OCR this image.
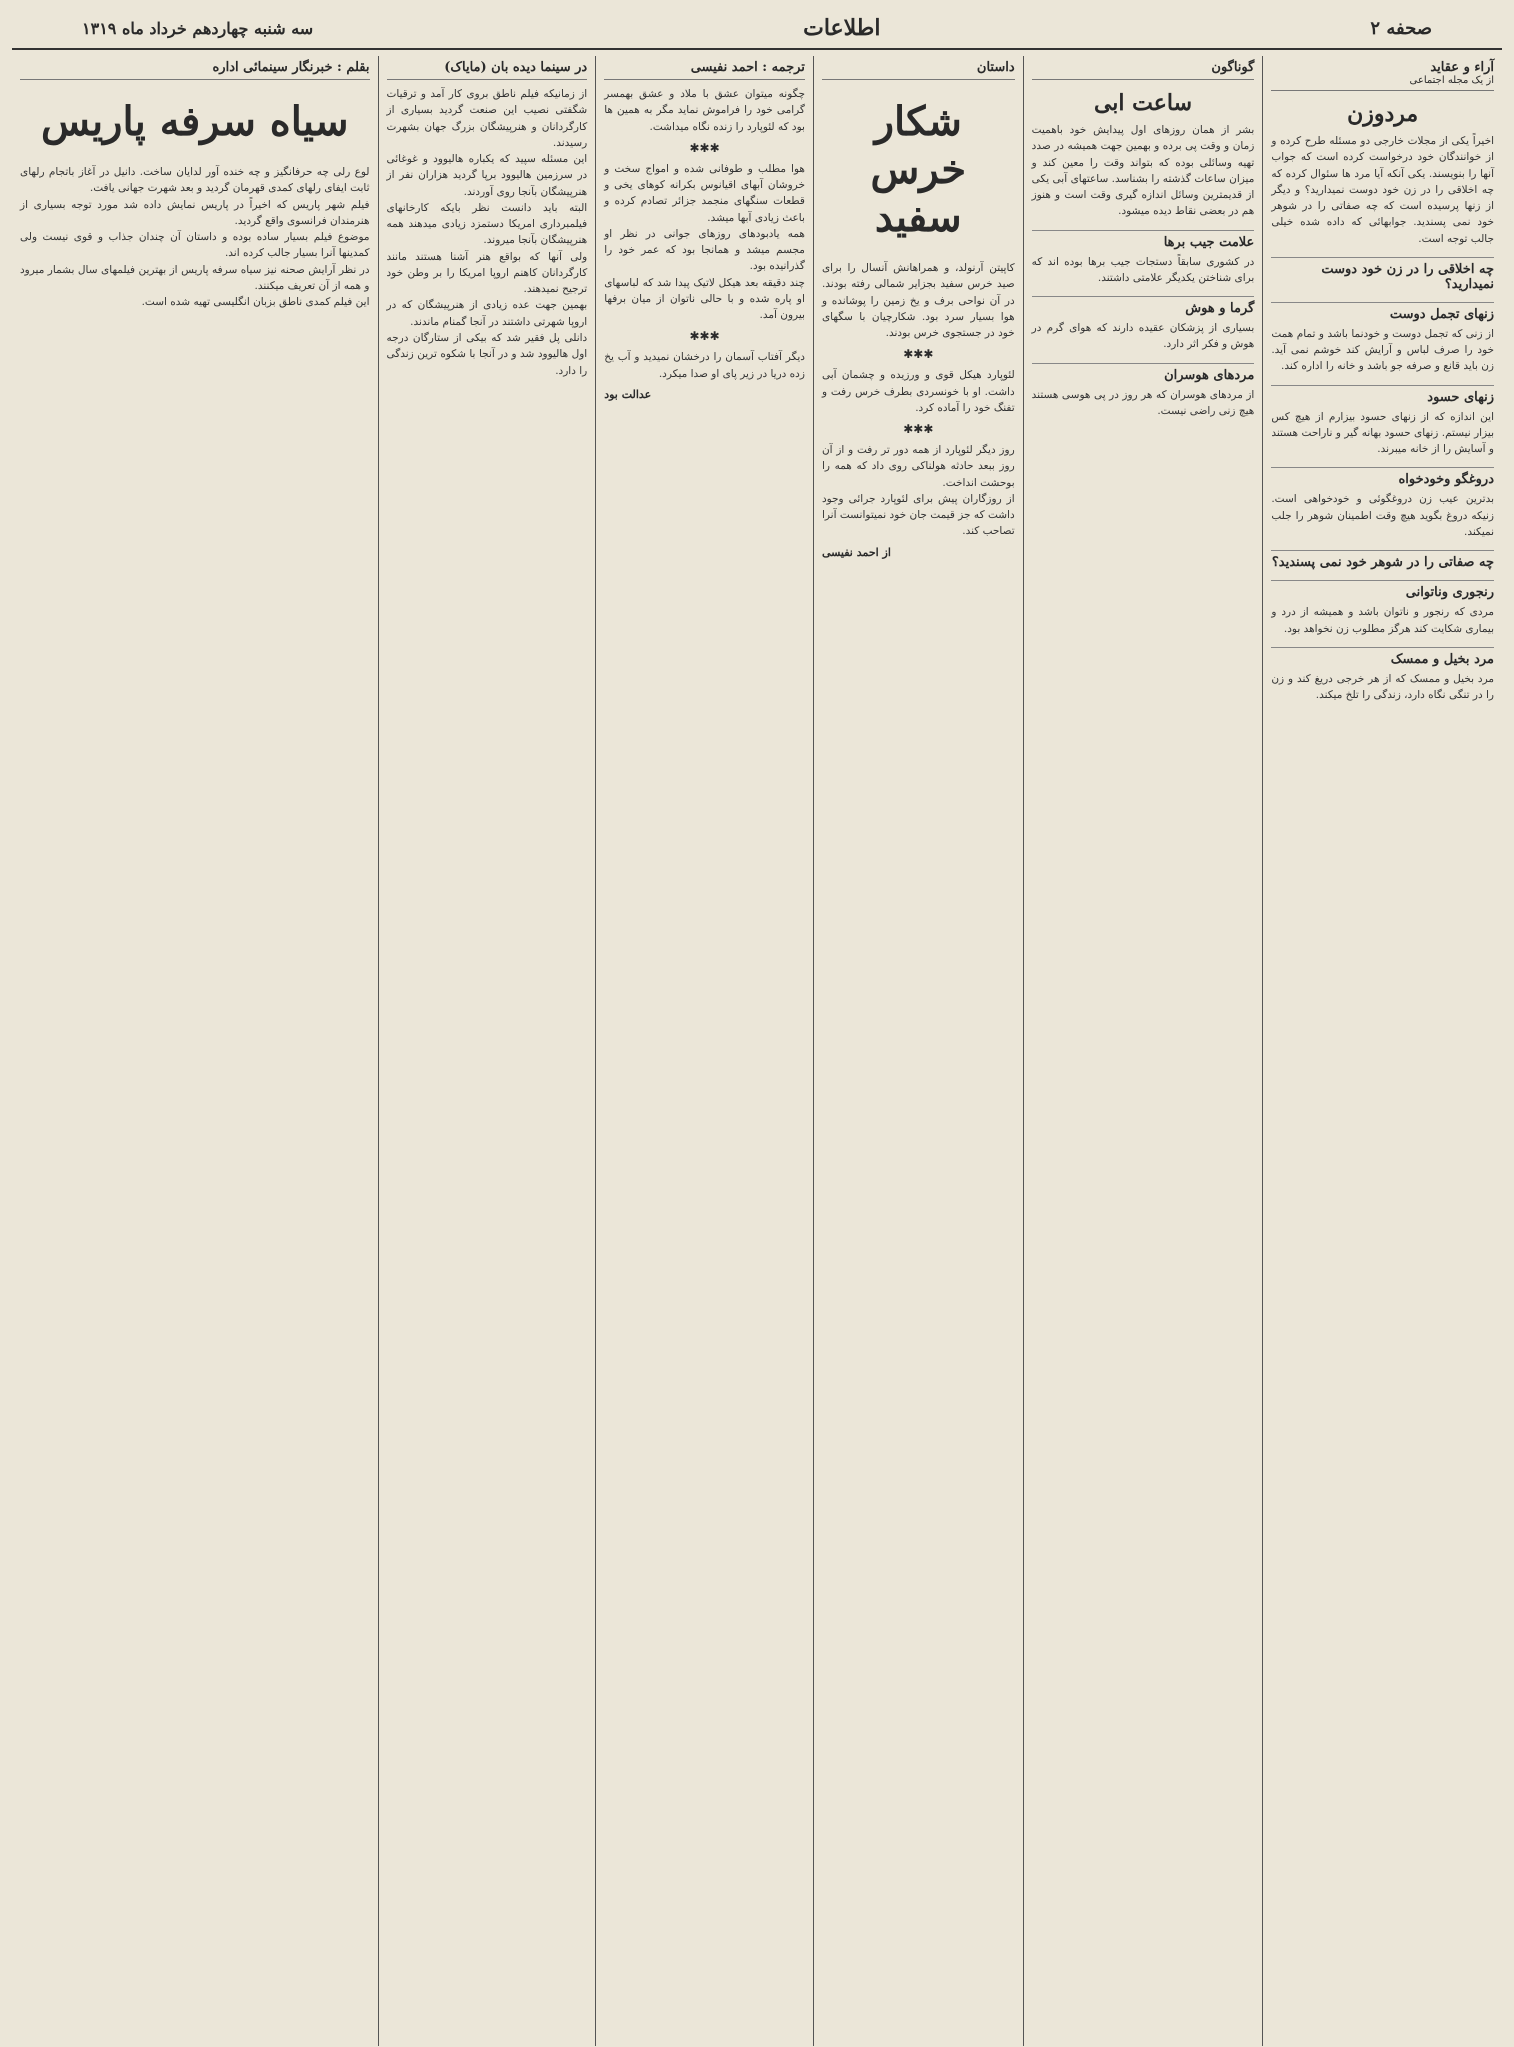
صحفه ۲
اطلاعات
سه شنبه چهاردهم خرداد ماه ۱۳۱۹
آراء و عقاید
از یک مجله اجتماعی
مردوزن
اخیراً یکی از مجلات خارجی دو مسئله طرح کرده و از خوانندگان خود درخواست کرده است که جواب آنها را بنویسند. یکی آنکه آیا مرد ها سئوال کرده که چه اخلاقی را در زن خود دوست نمیدارید؟ و دیگر از زنها پرسیده است که چه صفاتی را در شوهر خود نمی پسندید. جوابهائی که داده شده خیلی جالب توجه است.
چه اخلاقی را در زن خود دوست نمیدارید؟
زنهای تجمل دوست
از زنی که تجمل دوست و خودنما باشد و تمام همت خود را صرف لباس و آرایش کند خوشم نمی آید. زن باید قانع و صرفه جو باشد و خانه را اداره کند.
زنهای حسود
این اندازه که از زنهای حسود بیزارم از هیچ کس بیزار نیستم. زنهای حسود بهانه گیر و ناراحت هستند و آسایش را از خانه میبرند.
دروغگو وخودخواه
بدترین عیب زن دروغگوئی و خودخواهی است. زنیکه دروغ بگوید هیچ وقت اطمینان شوهر را جلب نمیکند.
چه صفاتی را در شوهر خود نمی پسندید؟
رنجوری وناتوانی
مردی که رنجور و ناتوان باشد و همیشه از درد و بیماری شکایت کند هرگز مطلوب زن نخواهد بود.
مرد بخیل و ممسک
مرد بخیل و ممسک که از هر خرجی دریغ کند و زن را در تنگی نگاه دارد، زندگی را تلخ میکند.
گوناگون
ساعت ابی
بشر از همان روزهای اول پیدایش خود باهمیت زمان و وقت پی برده و بهمین جهت همیشه در صدد تهیه وسائلی بوده که بتواند وقت را معین کند و میزان ساعات گذشته را بشناسد. ساعتهای آبی یکی از قدیمترین وسائل اندازه گیری وقت است و هنوز هم در بعضی نقاط دیده میشود.
علامت جیب برها
در کشوری سابقاً دستجات جیب برها بوده اند که برای شناختن یکدیگر علامتی داشتند.
گرما و هوش
بسیاری از پزشکان عقیده دارند که هوای گرم در هوش و فکر اثر دارد.
مردهای هوسران
از مردهای هوسران که هر روز در پی هوسی هستند هیچ زنی راضی نیست.
داستان
شکار خرس سفید
کاپیتن آرنولد، و همراهانش آنسال را برای صید خرس سفید بجزایر شمالی رفته بودند. در آن نواحی برف و یخ زمین را پوشانده و هوا بسیار سرد بود. شکارچیان با سگهای خود در جستجوی خرس بودند.
✱✱✱
لئوپارد هیکل قوی و ورزیده و چشمان آبی داشت. او با خونسردی بطرف خرس رفت و تفنگ خود را آماده کرد.
✱✱✱
روز دیگر لئوپارد از همه دور تر رفت و از آن روز ببعد حادثه هولناکی روی داد که همه را بوحشت انداخت.
از روزگاران پیش برای لئوپارد جرائی وجود داشت که جز قیمت جان خود نمیتوانست آنرا تصاحب کند.
از احمد نفیسی
ترجمه : احمد نفیسی
چگونه میتوان عشق با ملاد و عشق بهمسر گرامی خود را فراموش نماید مگر به همین ها بود که لئوپارد را زنده نگاه میداشت.
✱✱✱
هوا مطلب و طوفانی شده و امواج سخت و خروشان آبهای اقیانوس بکرانه کوهای یخی و قطعات سنگهای منجمد جزائر تصادم کرده و باعث زیادی آبها میشد.
همه یادبودهای روزهای جوانی در نظر او مجسم میشد و همانجا بود که عمر خود را گذرانیده بود.
چند دقیقه بعد هیکل لاتیک پیدا شد که لباسهای او پاره شده و با حالی ناتوان از میان برفها بیرون آمد.
✱✱✱
دیگر آفتاب آسمان را درخشان نمیدید و آب یخ زده دریا در زیر پای او صدا میکرد.
عدالت بود
در سینما دیده بان (مایاک)
از زمانیکه فیلم ناطق بروی کار آمد و ترقیات شگفتی نصیب این صنعت گردید بسیاری از کارگردانان و هنرپیشگان بزرگ جهان بشهرت رسیدند.
این مسئله سپید که یکباره هالیوود و غوغائی در سرزمین هالیوود برپا گردید هزاران نفر از هنرپیشگان بآنجا روی آوردند.
البته باید دانست نظر بایکه کارخانهای فیلمبرداری امریکا دستمزد زیادی میدهند همه هنرپیشگان بآنجا میروند.
ولی آنها که بواقع هنر آشنا هستند مانند کارگردانان کاهنم اروپا امریکا را بر وطن خود ترجیح نمیدهند.
بهمین جهت عده زیادی از هنرپیشگان که در اروپا شهرتی داشتند در آنجا گمنام ماندند.
دانلی پل فقیر شد که بیکی از ستارگان درجه اول هالیوود شد و در آنجا با شکوه ترین زندگی را دارد.
بقلم : خبرنگار سینمائی اداره
سیاه سرفه پاریس
لوع رلی چه حرفانگیز و چه خنده آور لدایان ساخت. دانیل در آغاز باتجام رلهای ثابت ایفای رلهای کمدی قهرمان گردید و بعد شهرت جهانی یافت.
فیلم شهر پاریس که اخیراً در پاریس نمایش داده شد مورد توجه بسیاری از هنرمندان فرانسوی واقع گردید.
موضوع فیلم بسیار ساده بوده و داستان آن چندان جذاب و قوی نیست ولی کمدینها آنرا بسیار جالب کرده اند.
در نظر آرایش صحنه نیز سیاه سرفه پاریس از بهترین فیلمهای سال بشمار میرود و همه از آن تعریف میکنند.
این فیلم کمدی ناطق بزبان انگلیسی تهیه شده است.
